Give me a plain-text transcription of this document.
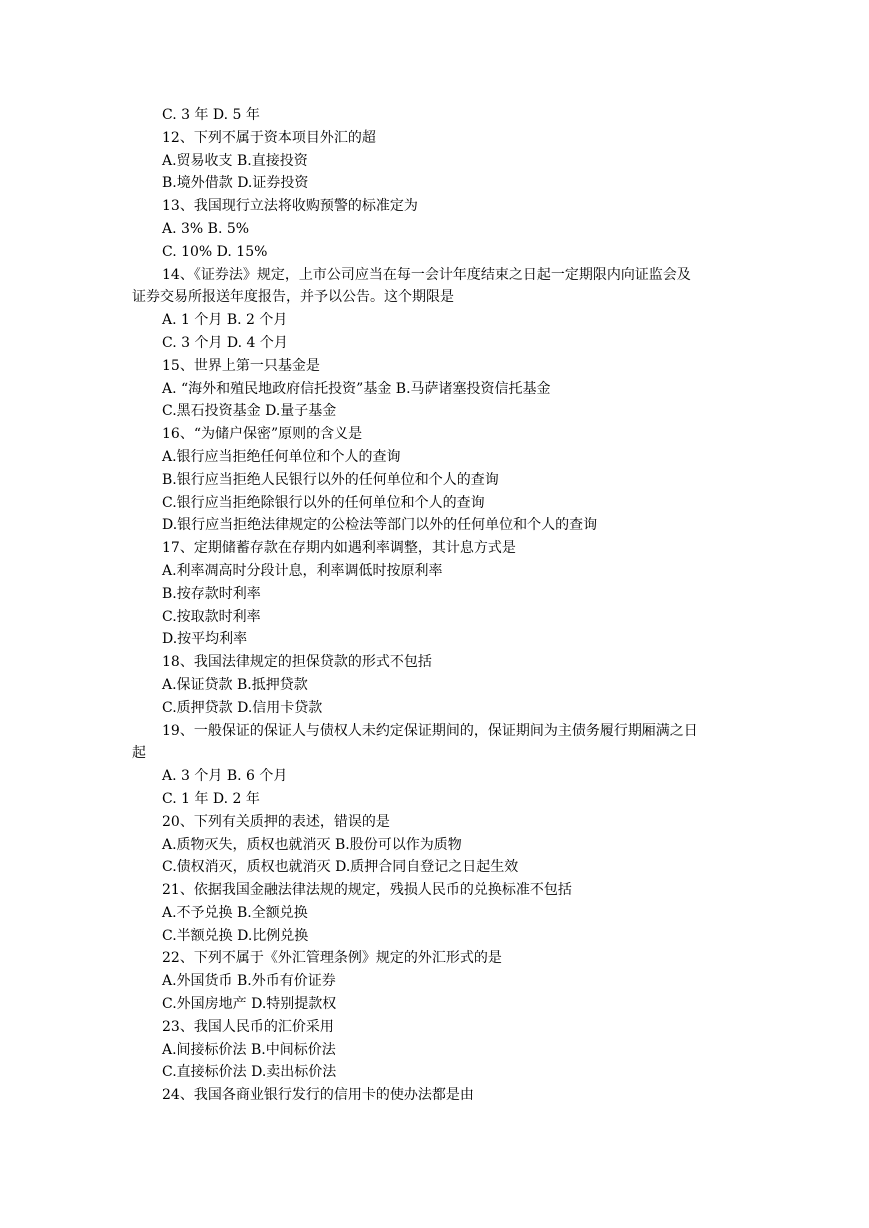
C. 3 年 D. 5 年

12、下列不属于资本项目外汇的超

A.贸易收支 B.直接投资

B.境外借款 D.证券投资

13、我国现行立法将收购预警的标准定为

A. 3% B. 5%

C. 10% D. 15%

14、《证券法》规定，上市公司应当在每一会计年度结束之日起一定期限内向证监会及

证券交易所报送年度报告，并予以公告。这个期限是

A. 1 个月 B. 2 个月

C. 3 个月 D. 4 个月

15、世界上第一只基金是

A. “海外和殖民地政府信托投资”基金 B.马萨诸塞投资信托基金

C.黑石投资基金 D.量子基金

16、“为储户保密”原则的含义是

A.银行应当拒绝任何单位和个人的查询

B.银行应当拒绝人民银行以外的任何单位和个人的查询

C.银行应当拒绝除银行以外的任何单位和个人的查询

D.银行应当拒绝法律规定的公检法等部门以外的任何单位和个人的查询

17、定期储蓄存款在存期内如遇利率调整，其计息方式是

A.利率凋高时分段计息，利率调低时按原利率

B.按存款时利率

C.按取款时利率

D.按平均利率

18、我国法律规定的担保贷款的形式不包括

A.保证贷款 B.抵押贷款

C.质押贷款 D.信用卡贷款

19、一般保证的保证人与债权人未约定保证期间的，保证期间为主债务履行期厢满之日

起

A. 3 个月 B. 6 个月

C. 1 年 D. 2 年

20、下列有关质押的表述，错误的是

A.质物灭失，质权也就消灭 B.股份可以作为质物

C.债权消灭，质权也就消灭 D.质押合同自登记之日起生效

21、依据我国金融法律法规的规定，残损人民币的兑换标准不包括

A.不予兑换 B.全额兑换

C.半额兑换 D.比例兑换

22、下列不属于《外汇管理条例》规定的外汇形式的是

A.外国货币 B.外币有价证券

C.外国房地产 D.特别提款权

23、我国人民币的汇价采用

A.间接标价法 B.中间标价法

C.直接标价法 D.卖出标价法

24、我国各商业银行发行的信用卡的使办法都是由
